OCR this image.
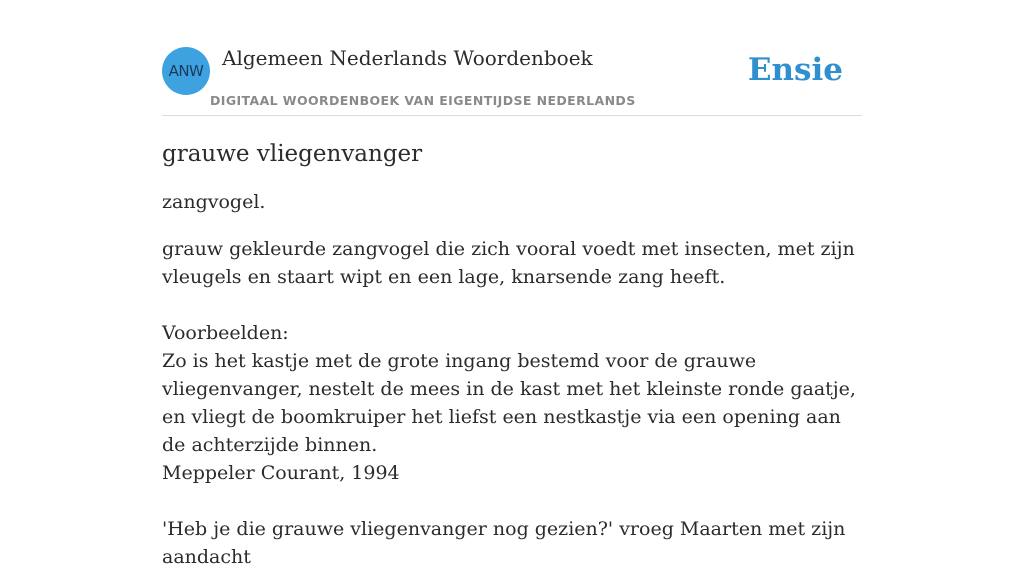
ANW
Algemeen Nederlands Woordenboek
DIGITAAL WOORDENBOEK VAN EIGENTIJDSE NEDERLANDS
Ensie
grauwe vliegenvanger

zangvogel.

grauw gekleurde zangvogel die zich vooral voedt met insecten, met zijn vleugels en staart wipt en een lage, knarsende zang heeft.

Voorbeelden:

Zo is het kastje met de grote ingang bestemd voor de grauwe vliegenvanger, nestelt de mees in de kast met het kleinste ronde gaatje, en vliegt de boomkruiper het liefst een nestkastje via een opening aan de achterzijde binnen.

Meppeler Courant, 1994

'Heb je die grauwe vliegenvanger nog gezien?' vroeg Maarten met zijn aandacht
